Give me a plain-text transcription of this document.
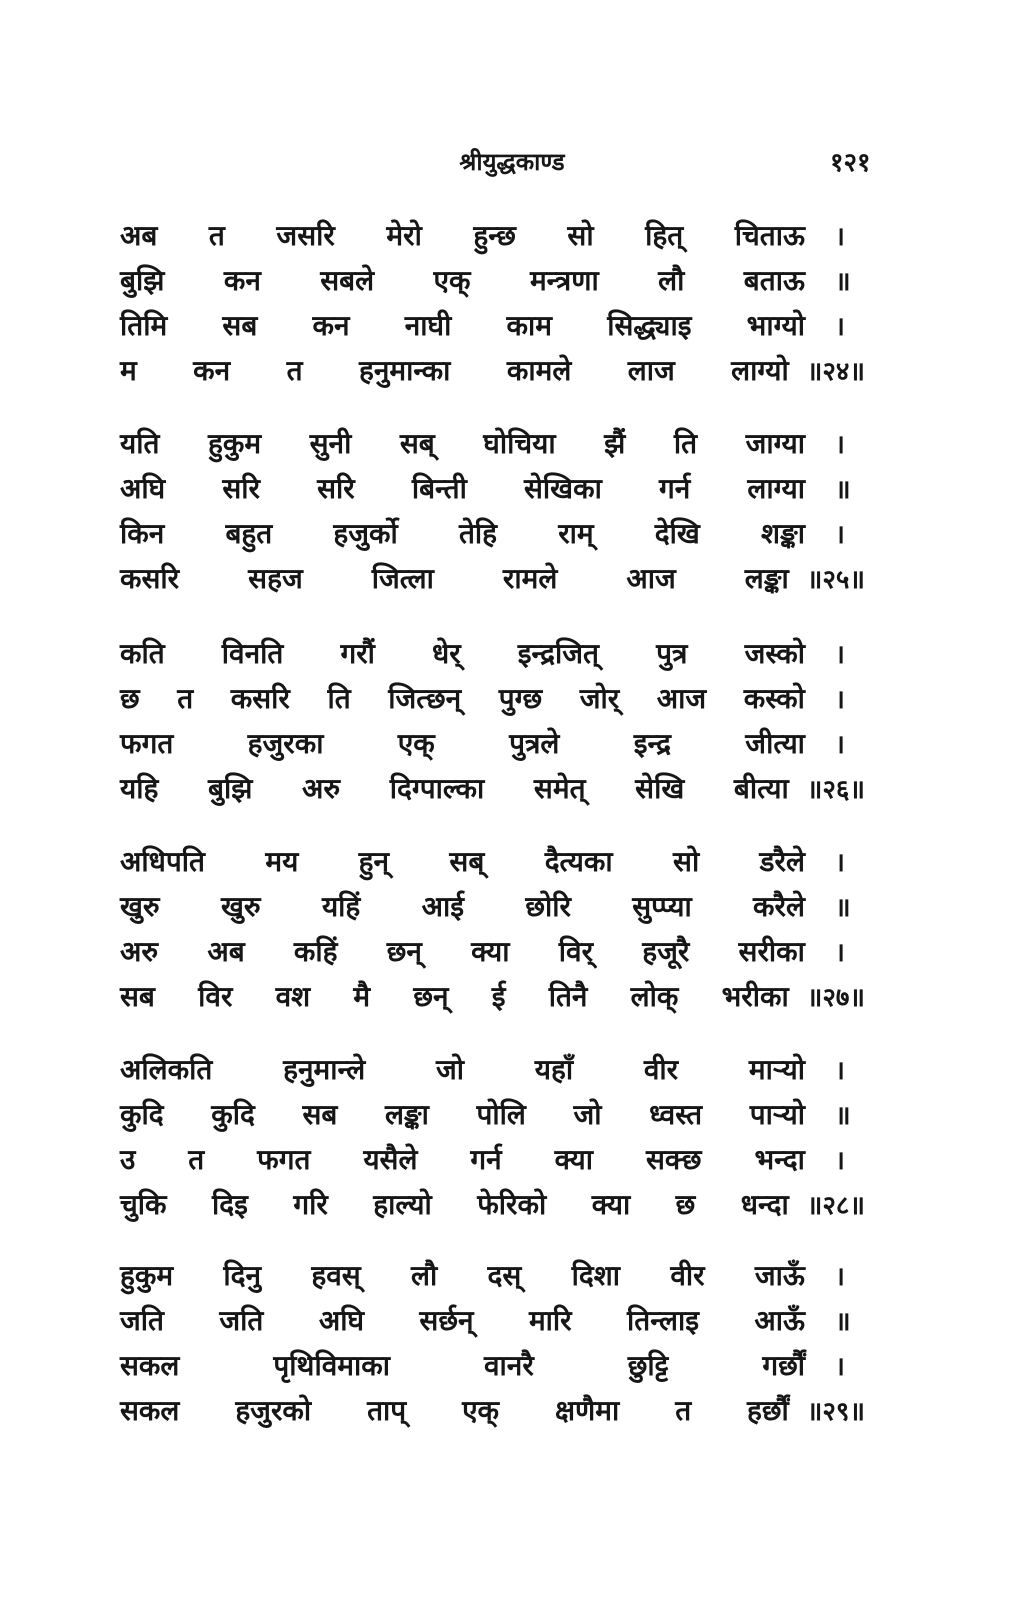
श्रीयुद्धकाण्ड	१२१
अब त जसरि मेरो हुन्छ सो हित् चिताऊ	।
बुझि कन सबले एक् मन्त्रणा लौ बताऊ	॥
तिमि सब कन नाघी काम सिद्ध्याइ भाग्यो	।
म कन त हनुमान्का कामले लाज लाग्यो ॥२४॥
यति हुकुम सुनी सब् घोचिया झैं ति जाग्या	।
अघि सरि सरि बिन्ती सेखिका गर्न लाग्या	॥
किन बहुत हजुर्को तेहि राम् देखि शङ्का	।
कसरि सहज जित्ला रामले आज लङ्का ॥२५॥
कति विनति गरौं धेर् इन्द्रजित् पुत्र जस्को	।
छ त कसरि ति जित्छन् पुग्छ जोर् आज कस्को	।
फगत	हजुरका	एक्	पुत्रले	इन्द्र	जीत्या	।
यहि बुझि अरु दिग्पाल्का समेत् सेखि बीत्या ॥२६॥
अधिपति मय हुन् सब् दैत्यका सो डरैले	।
खुरु खुरु यहिं आई छोरि सुप्प्या करैले	॥
अरु अब कहिं छन् क्या विर् हजूरै सरीका	।
सब विर वश मै छन् ई तिनै लोक् भरीका ॥२७॥
अलिकति	हनुमान्ले	जो	यहाँ	वीर	मार्‍यो	।
कुदि कुदि सब लङ्का पोलि जो ध्वस्त पार्‍यो	॥
उ त फगत यसैले गर्न क्या सक्छ भन्दा	।
चुकि दिइ गरि हाल्यो फेरिको क्या छ धन्दा ॥२८॥
हुकुम दिनु हवस् लौ दस् दिशा वीर जाऊँ	।
जति जति अघि सर्छन् मारि तिन्लाइ आऊँ	॥
सकल	पृथिविमाका	वानरै	छुट्टि	गर्छौं	।
सकल हजुरको ताप् एक् क्षणैमा त हर्छौं ॥२९॥
